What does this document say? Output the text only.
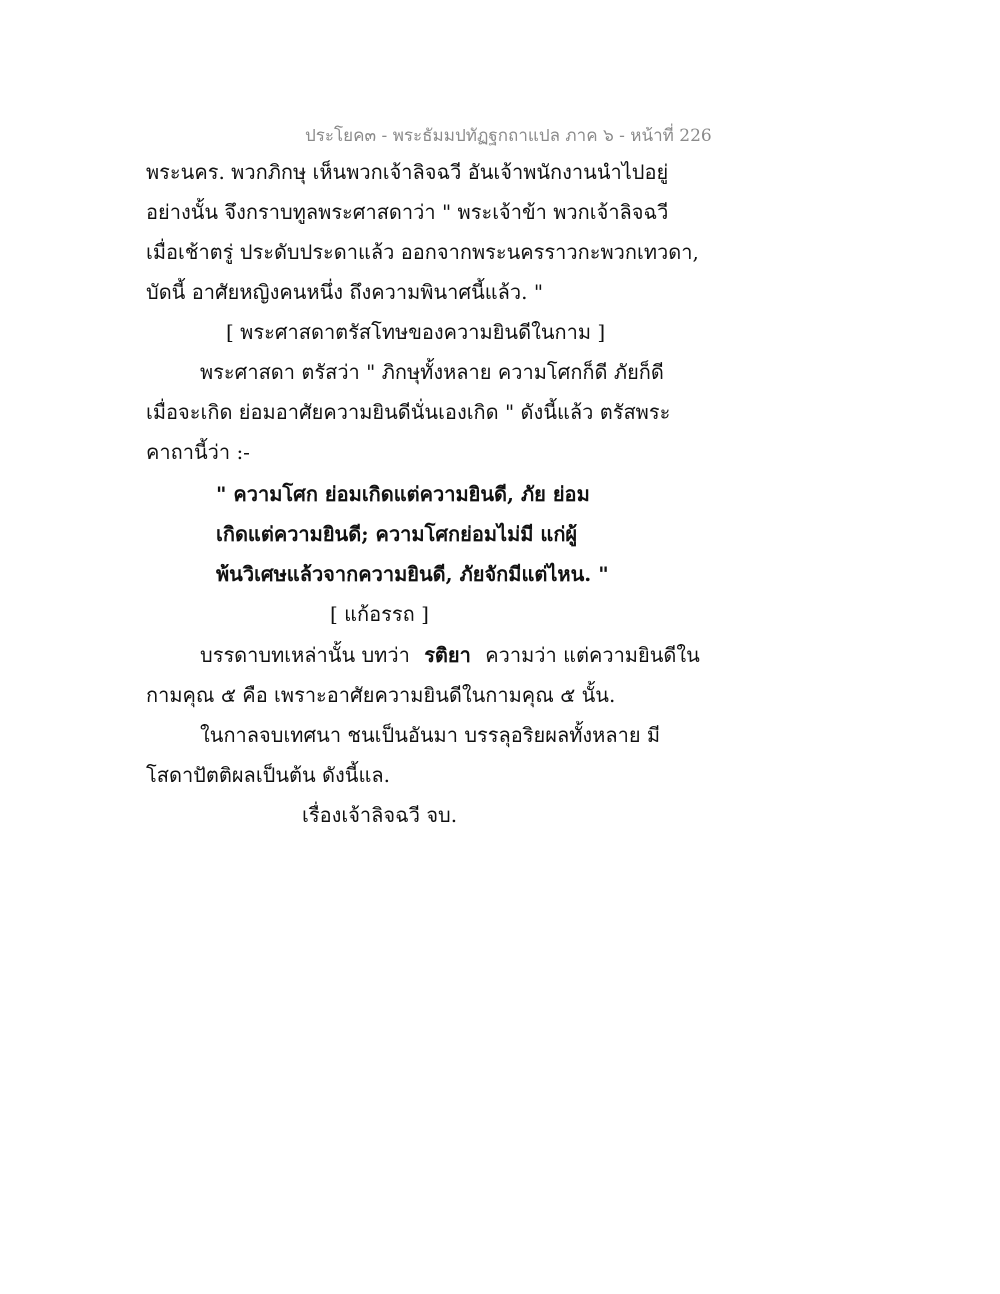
ประโยค๓ - พระธัมมปทัฏฐกถาแปล ภาค ๖ - หน้าที่ 226
พระนคร. พวกภิกษุ เห็นพวกเจ้าลิจฉวี อันเจ้าพนักงานนำไปอยู่
อย่างนั้น จึงกราบทูลพระศาสดาว่า " พระเจ้าข้า พวกเจ้าลิจฉวี
เมื่อเช้าตรู่ ประดับประดาแล้ว ออกจากพระนครราวกะพวกเทวดา,
บัดนี้ อาศัยหญิงคนหนึ่ง ถึงความพินาศนี้แล้ว. "
[ พระศาสดาตรัสโทษของความยินดีในกาม ]
พระศาสดา ตรัสว่า " ภิกษุทั้งหลาย ความโศกก็ดี ภัยก็ดี
เมื่อจะเกิด ย่อมอาศัยความยินดีนั่นเองเกิด " ดังนี้แล้ว ตรัสพระ
คาถานี้ว่า :-
" ความโศก ย่อมเกิดแต่ความยินดี, ภัย ย่อม
เกิดแต่ความยินดี; ความโศกย่อมไม่มี แก่ผู้
พ้นวิเศษแล้วจากความยินดี, ภัยจักมีแต่ไหน. "
[ แก้อรรถ ]
บรรดาบทเหล่านั้น บทว่า รติยา ความว่า แต่ความยินดีใน
กามคุณ ๕ คือ เพราะอาศัยความยินดีในกามคุณ ๕ นั้น.
ในกาลจบเทศนา ชนเป็นอันมา บรรลุอริยผลทั้งหลาย มี
โสดาปัตติผลเป็นต้น ดังนี้แล.
เรื่องเจ้าลิจฉวี จบ.
